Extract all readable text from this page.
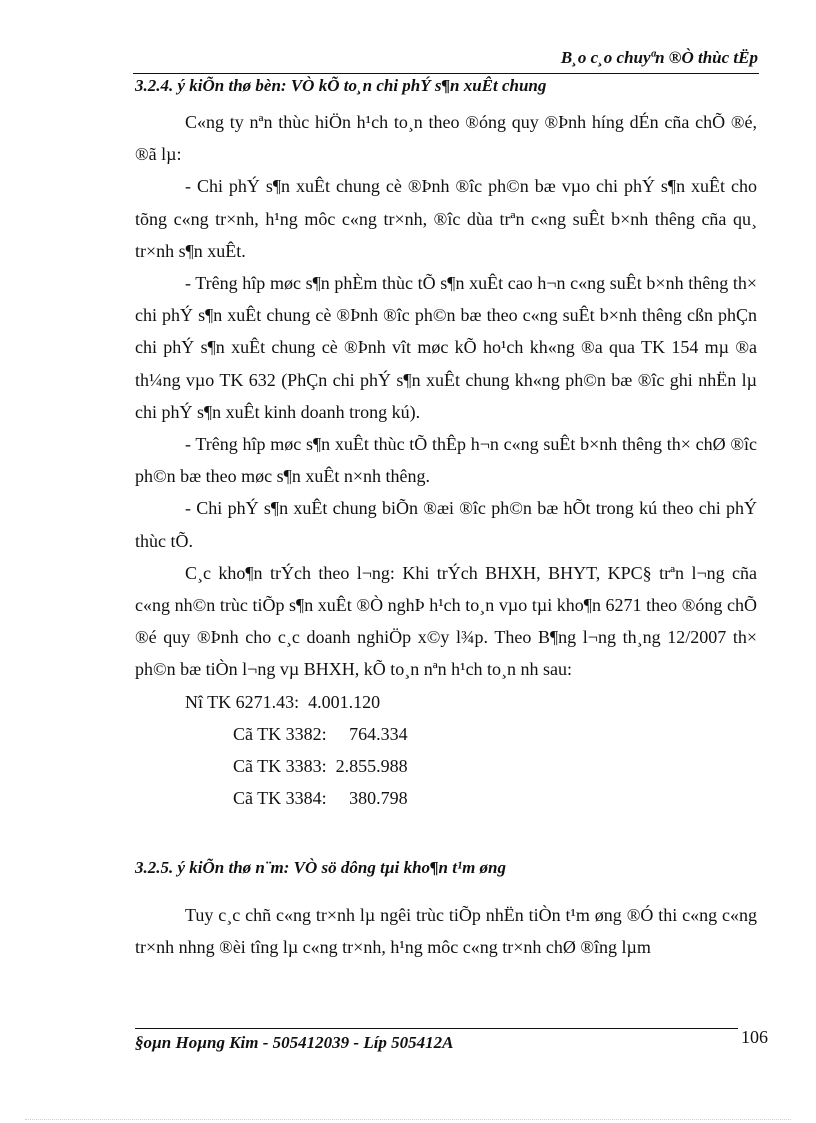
B¸o c¸o chuyªn ®Ò thùc tËp
3.2.4. ý kiÕn thø bèn: VÒ kÕ to¸n chi phÝ s¶n xuÊt chung

C«ng ty nªn thùc hiÖn h¹ch to¸n theo ®óng quy ®Þnh híng dÉn cña chÕ ®é, ®ã lµ:

- Chi phÝ s¶n xuÊt chung cè ®Þnh ®îc ph©n bæ vµo chi phÝ s¶n xuÊt cho tõng c«ng tr×nh, h¹ng môc c«ng tr×nh, ®îc dùa trªn c«ng suÊt b×nh thêng cña qu¸ tr×nh s¶n xuÊt.

- Trêng hîp møc s¶n phÈm thùc tÕ s¶n xuÊt cao h¬n c«ng suÊt b×nh thêng th× chi phÝ s¶n xuÊt chung cè ®Þnh ®îc ph©n bæ theo c«ng suÊt b×nh thêng cßn phÇn chi phÝ s¶n xuÊt chung cè ®Þnh vît møc kÕ ho¹ch kh«ng ®a qua TK 154 mµ ®a th¼ng vµo TK 632 (PhÇn chi phÝ s¶n xuÊt chung kh«ng ph©n bæ ®îc ghi nhËn lµ chi phÝ s¶n xuÊt kinh doanh trong kú).

- Trêng hîp møc s¶n xuÊt thùc tÕ thÊp h¬n c«ng suÊt b×nh thêng th× chØ ®îc ph©n bæ theo møc s¶n xuÊt n×nh thêng.

- Chi phÝ s¶n xuÊt chung biÕn ®æi ®îc ph©n bæ hÕt trong kú theo chi phÝ thùc tÕ.

C¸c kho¶n trÝch theo l¬ng: Khi trÝch BHXH, BHYT, KPC§ trªn l¬ng cña c«ng nh©n trùc tiÕp s¶n xuÊt ®Ò nghÞ h¹ch to¸n vµo tµi kho¶n 6271 theo ®óng chÕ ®é quy ®Þnh cho c¸c doanh nghiÖp x©y l¾p. Theo B¶ng l¬ng th¸ng 12/2007 th× ph©n bæ tiÒn l¬ng vµ BHXH, kÕ to¸n nªn h¹ch to¸n nh sau:

Nî TK 6271.43: 4.001.120
Cã TK 3382: 764.334
Cã TK 3383: 2.855.988
Cã TK 3384: 380.798
3.2.5. ý kiÕn thø n¨m: VÒ sö dông tµi kho¶n t¹m øng

Tuy c¸c chñ c«ng tr×nh lµ ngêi trùc tiÕp nhËn tiÒn t¹m øng ®Ó thi c«ng c«ng tr×nh nhng ®èi tîng lµ c«ng tr×nh, h¹ng môc c«ng tr×nh chØ ®îng lµm

§oµn Hoµng Kim - 505412039 - Líp 505412A	106
